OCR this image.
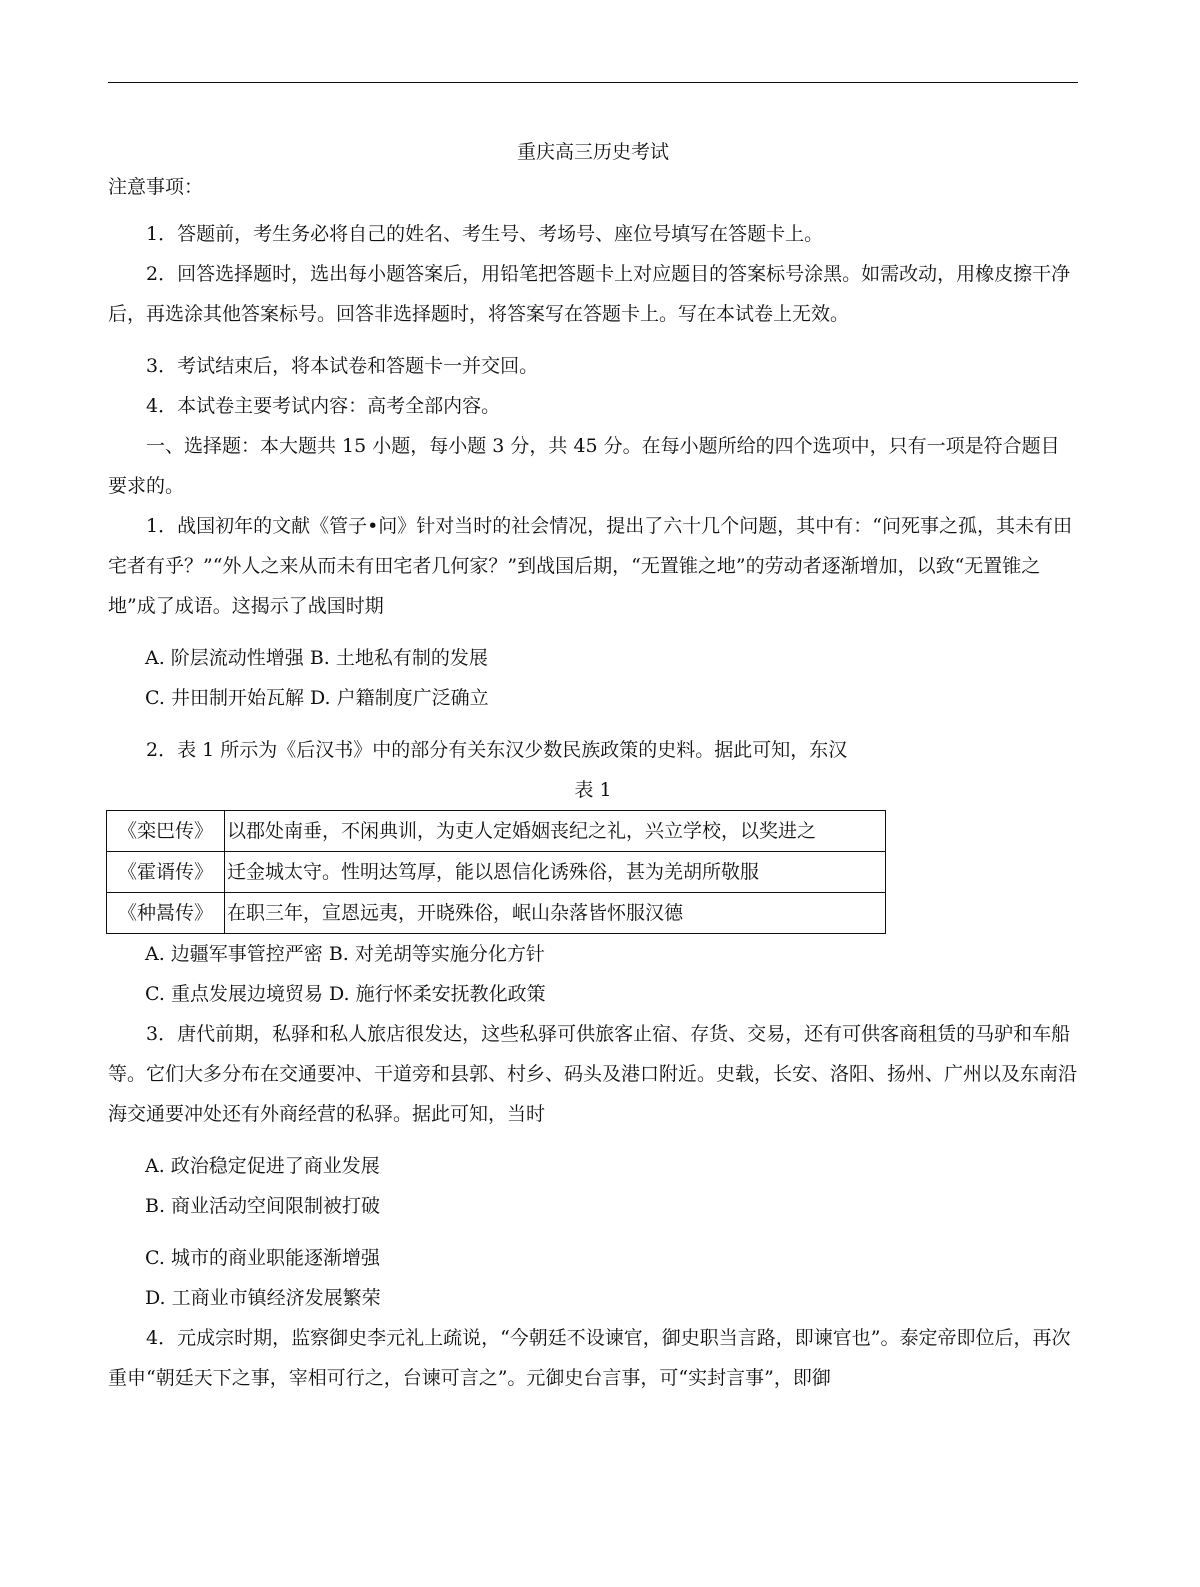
重庆高三历史考试
注意事项：

1．答题前，考生务必将自己的姓名、考生号、考场号、座位号填写在答题卡上。

2．回答选择题时，选出每小题答案后，用铅笔把答题卡上对应题目的答案标号涂黑。如需改动，用橡皮擦干净后，再选涂其他答案标号。回答非选择题时，将答案写在答题卡上。写在本试卷上无效。

3．考试结束后，将本试卷和答题卡一并交回。

4．本试卷主要考试内容：高考全部内容。

一、选择题：本大题共 15 小题，每小题 3 分，共 45 分。在每小题所给的四个选项中，只有一项是符合题目要求的。

1．战国初年的文献《管子•问》针对当时的社会情况，提出了六十几个问题，其中有：“问死事之孤，其未有田宅者有乎？”“外人之来从而未有田宅者几何家？”到战国后期，“无置锥之地”的劳动者逐渐增加，以致“无置锥之地”成了成语。这揭示了战国时期

A. 阶层流动性增强 B. 土地私有制的发展

C. 井田制开始瓦解 D. 户籍制度广泛确立

2．表 1 所示为《后汉书》中的部分有关东汉少数民族政策的史料。据此可知，东汉

表 1

《栾巴传》	以郡处南垂，不闲典训，为吏人定婚姻丧纪之礼，兴立学校，以奖进之
《霍谞传》	迁金城太守。性明达笃厚，能以恩信化诱殊俗，甚为羌胡所敬服
《种暠传》	在职三年，宣恩远夷，开晓殊俗，岷山杂落皆怀服汉德

A. 边疆军事管控严密 B. 对羌胡等实施分化方针

C. 重点发展边境贸易 D. 施行怀柔安抚教化政策

3．唐代前期，私驿和私人旅店很发达，这些私驿可供旅客止宿、存货、交易，还有可供客商租赁的马驴和车船等。它们大多分布在交通要冲、干道旁和县郭、村乡、码头及港口附近。史载，长安、洛阳、扬州、广州以及东南沿海交通要冲处还有外商经营的私驿。据此可知，当时

A. 政治稳定促进了商业发展

B. 商业活动空间限制被打破

C. 城市的商业职能逐渐增强

D. 工商业市镇经济发展繁荣

4．元成宗时期，监察御史李元礼上疏说，“今朝廷不设谏官，御史职当言路，即谏官也”。泰定帝即位后，再次重申“朝廷天下之事，宰相可行之，台谏可言之”。元御史台言事，可“实封言事”，即御
